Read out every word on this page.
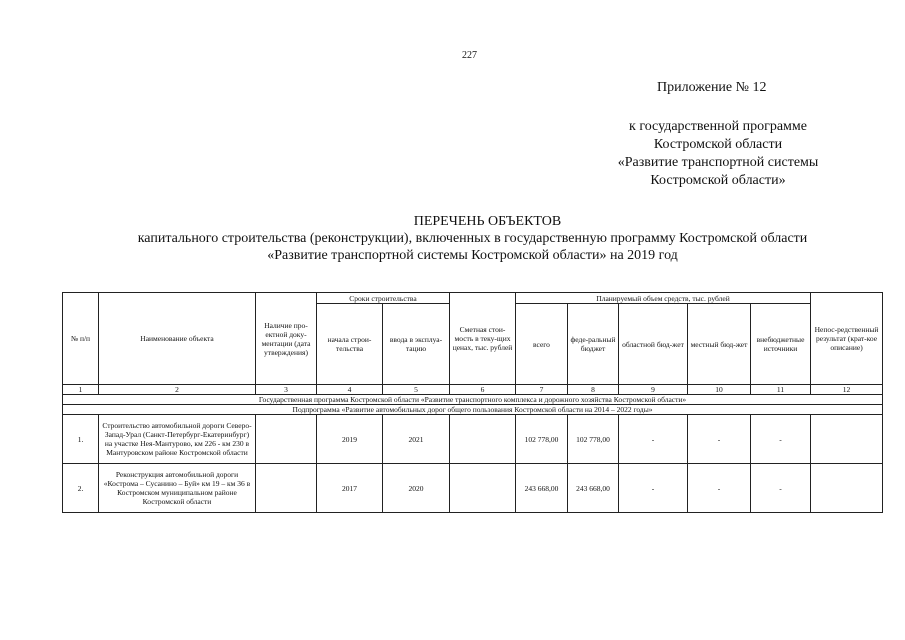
227
Приложение № 12
к государственной программе
Костромской области
«Развитие транспортной системы
Костромской области»
ПЕРЕЧЕНЬ ОБЪЕКТОВ
капитального строительства (реконструкции), включенных в государственную программу Костромской области
«Развитие транспортной системы Костромской области» на 2019 год
№ п/п	Наименование объекта	Наличие про-ектной доку-ментации (дата утверждения)	Сроки строительства		Сметная стои-мость в теку-щих ценах, тыс. рублей	Планируемый объем средств, тыс. рублей					Непос-редственный результат (крат-кое описание)
			начала строи-тельства	ввода в эксплуа-тацию		всего	феде-ральный бюджет	областной бюд-жет	местный бюд-жет	внебюджетные источники	
1	2	3	4	5	6	7	8	9	10	11	12
Государственная программа Костромской области «Развитие транспортного комплекса и дорожного хозяйства Костромской области»											
Подпрограмма «Развитие автомобильных дорог общего пользования Костромской области на 2014 – 2022 годы»											
1.	Строительство автомобильной дороги Северо-Запад-Урал (Санкт-Петербург-Екатеринбург) на участке Нея-Мантурово, км 226 - км 230 в Мантуровском районе Костромской области		2019	2021		102 778,00	102 778,00	-	-	-	
2.	Реконструкция автомобильной дороги «Кострома – Сусанино – Буй» км 19 – км 36 в Костромском муниципальном районе Костромской области		2017	2020		243 668,00	243 668,00	-	-	-	
